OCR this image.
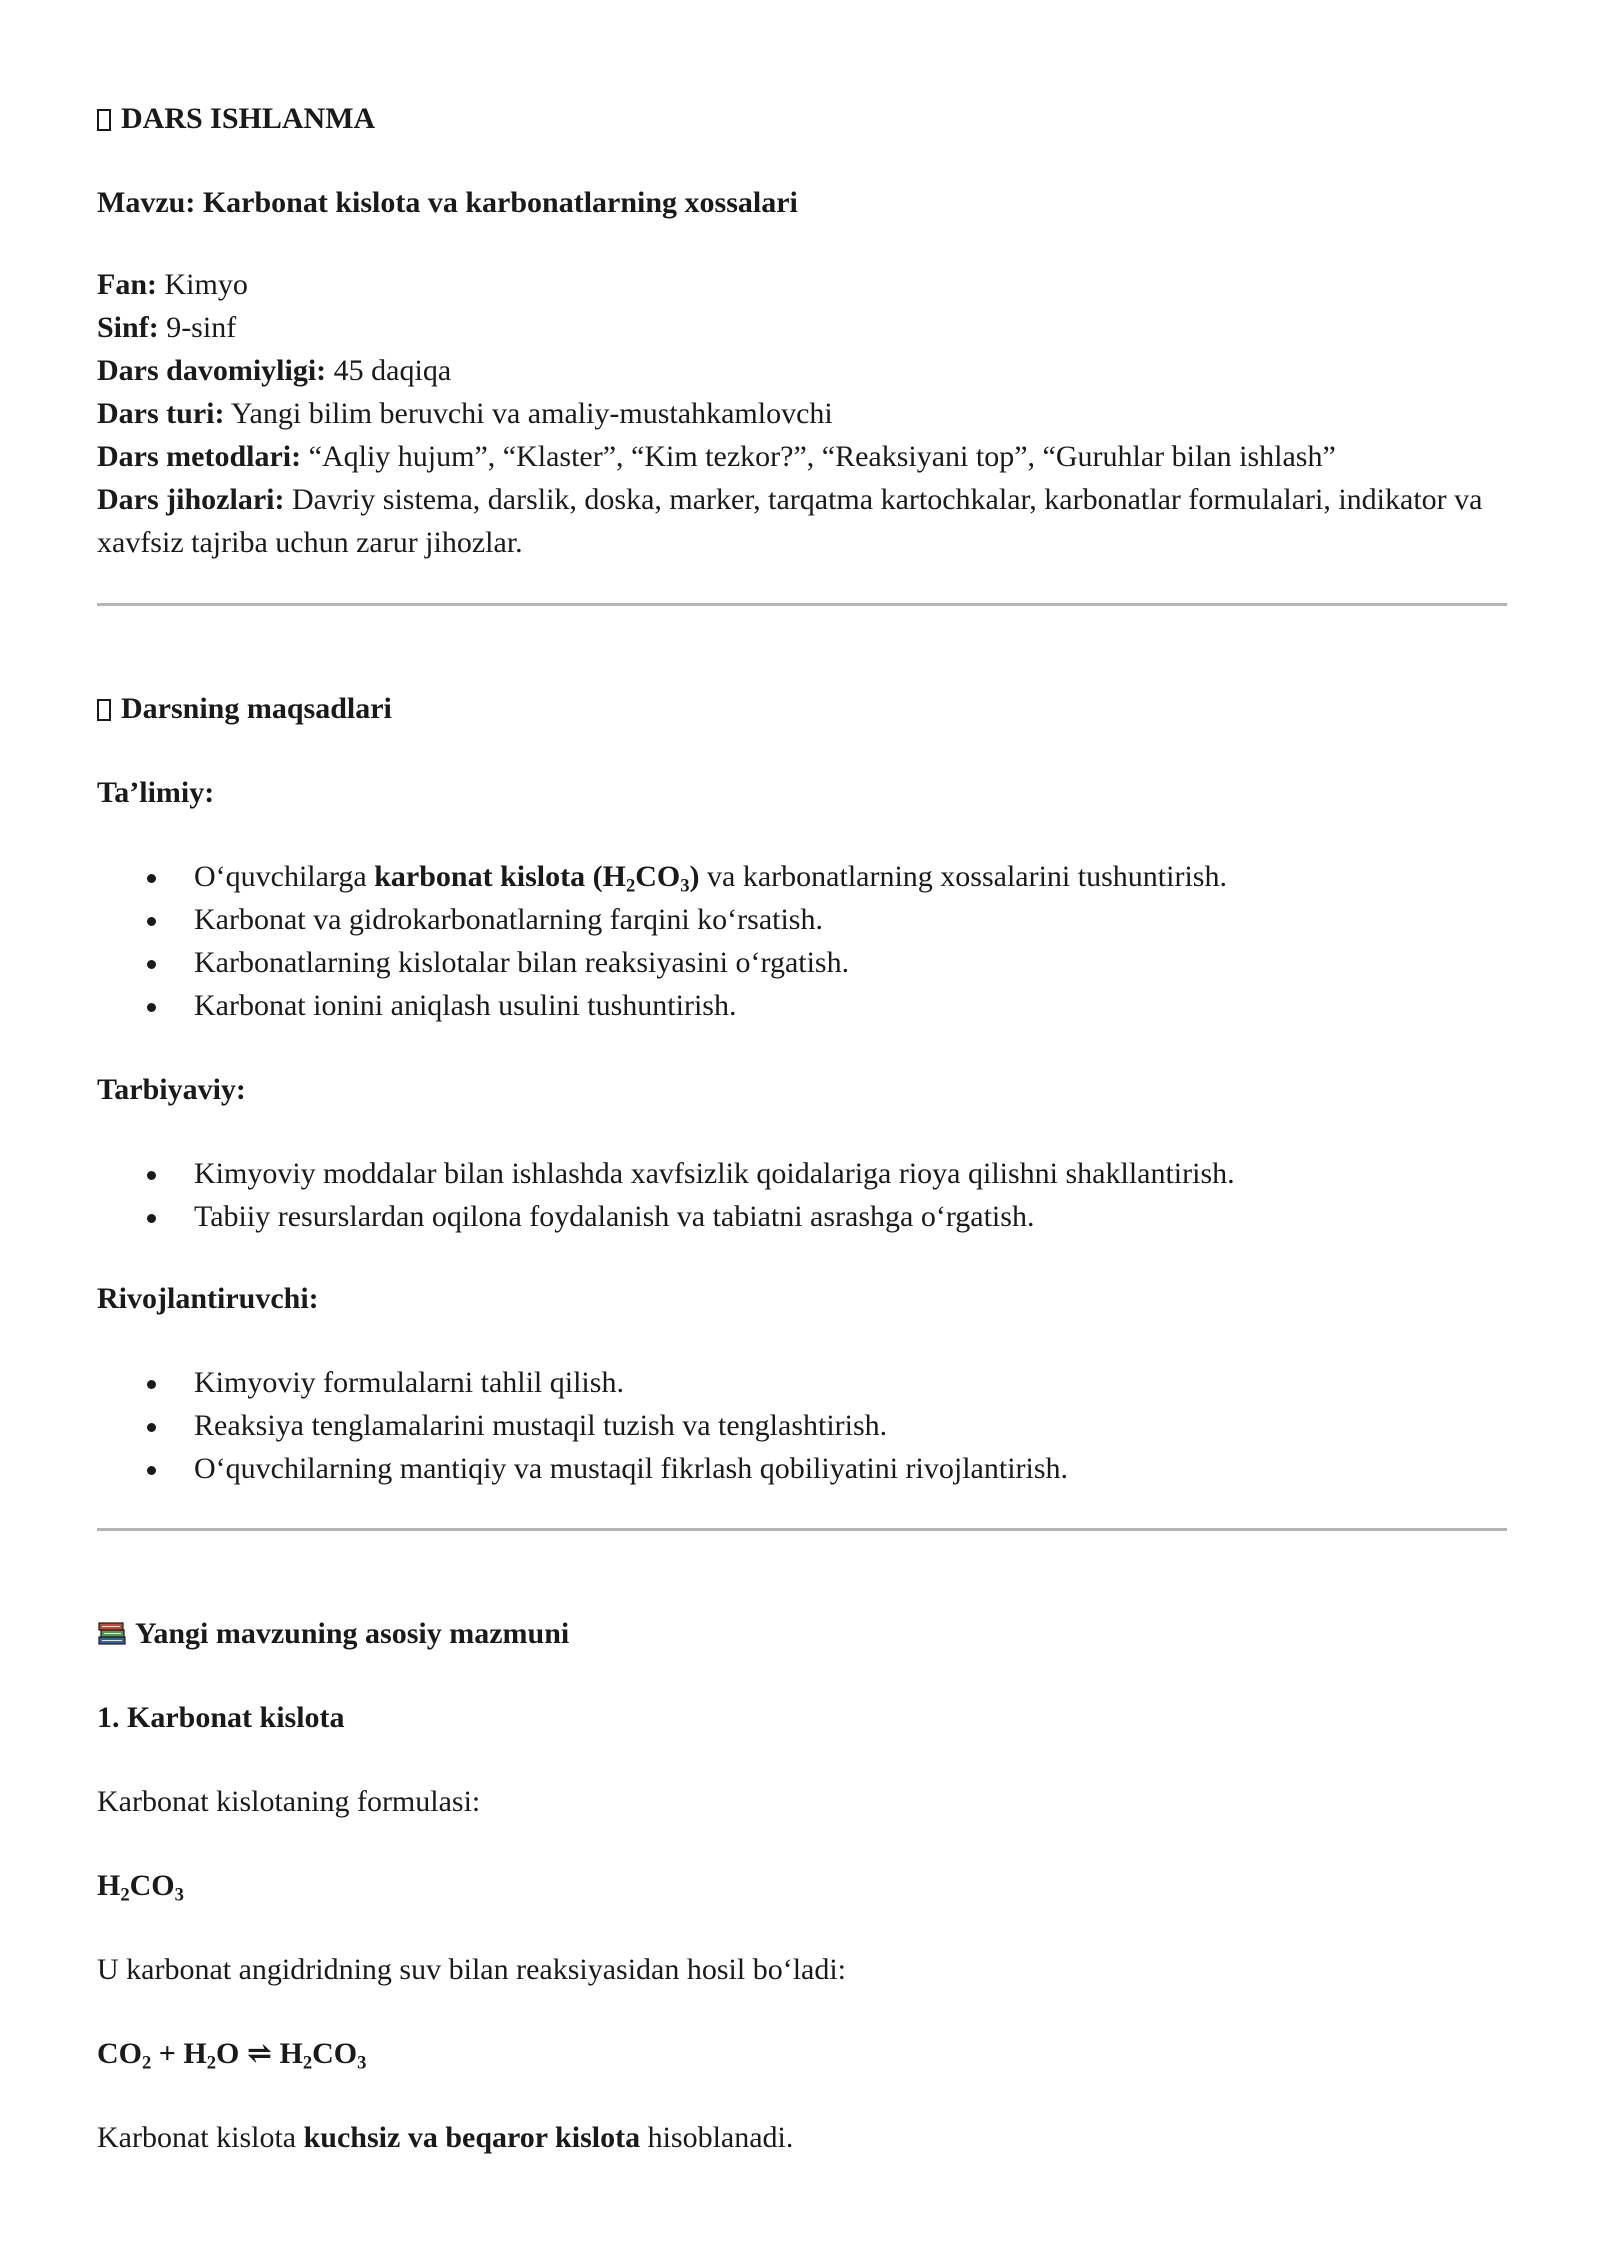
DARS ISHLANMA

Mavzu: Karbonat kislota va karbonatlarning xossalari

Fan: Kimyo

Sinf: 9-sinf

Dars davomiyligi: 45 daqiqa

Dars turi: Yangi bilim beruvchi va amaliy-mustahkamlovchi

Dars metodlari: “Aqliy hujum”, “Klaster”, “Kim tezkor?”, “Reaksiyani top”, “Guruhlar bilan ishlash”

Dars jihozlari: Davriy sistema, darslik, doska, marker, tarqatma kartochkalar, karbonatlar formulalari, indikator va xavfsiz tajriba uchun zarur jihozlar.

Darsning maqsadlari

Ta’limiy:

O‘quvchilarga karbonat kislota $(H_2CO_3)$ va karbonatlarning xossalarini tushuntirish.
Karbonat va gidrokarbonatlarning farqini ko‘rsatish.
Karbonatlarning kislotalar bilan reaksiyasini o‘rgatish.
Karbonat ionini aniqlash usulini tushuntirish.

Tarbiyaviy:

Kimyoviy moddalar bilan ishlashda xavfsizlik qoidalariga rioya qilishni shakllantirish.
Tabiiy resurslardan oqilona foydalanish va tabiatni asrashga o‘rgatish.

Rivojlantiruvchi:

Kimyoviy formulalarni tahlil qilish.
Reaksiya tenglamalarini mustaqil tuzish va tenglashtirish.
O‘quvchilarning mantiqiy va mustaqil fikrlash qobiliyatini rivojlantirish.

Yangi mavzuning asosiy mazmuni

1. Karbonat kislota

Karbonat kislotaning formulasi:

$H_2CO_3$

U karbonat angidridning suv bilan reaksiyasidan hosil bo‘ladi:

$CO_2 + H_2O$ ⇌ $H_2CO_3$

Karbonat kislota kuchsiz va beqaror kislota hisoblanadi.
